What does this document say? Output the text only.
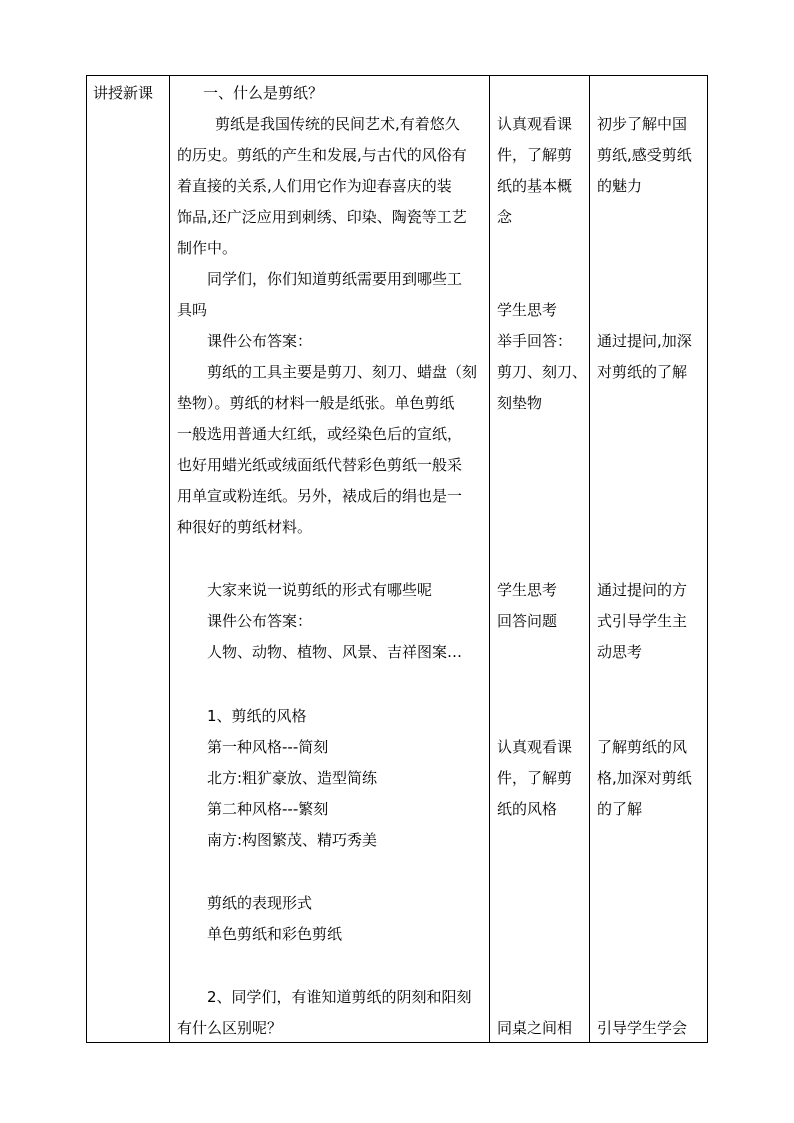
讲授新课	一、什么是剪纸？
剪纸是我国传统的民间艺术,有着悠久
的历史。剪纸的产生和发展,与古代的风俗有
着直接的关系,人们用它作为迎春喜庆的装
饰品,还广泛应用到刺绣、印染、陶瓷等工艺
制作中。
同学们，你们知道剪纸需要用到哪些工
具吗
课件公布答案：
剪纸的工具主要是剪刀、刻刀、蜡盘（刻
垫物）。剪纸的材料一般是纸张。单色剪纸
一般选用普通大红纸，或经染色后的宣纸，
也好用蜡光纸或绒面纸代替彩色剪纸一般采
用单宣或粉连纸。另外，裱成后的绢也是一
种很好的剪纸材料。
大家来说一说剪纸的形式有哪些呢
课件公布答案：
人物、动物、植物、风景、吉祥图案…
1、剪纸的风格
第一种风格---简刻
北方:粗犷豪放、造型简练
第二种风格---繁刻
南方:构图繁茂、精巧秀美
剪纸的表现形式
单色剪纸和彩色剪纸
2、同学们，有谁知道剪纸的阴刻和阳刻
有什么区别呢？
认真观看课
件，了解剪
纸的基本概
念
学生思考
举手回答：
剪刀、刻刀、
刻垫物
学生思考
回答问题
认真观看课
件，了解剪
纸的风格
同桌之间相
初步了解中国
剪纸,感受剪纸
的魅力
通过提问,加深
对剪纸的了解
通过提问的方
式引导学生主
动思考
了解剪纸的风
格,加深对剪纸
的了解
引导学生学会
